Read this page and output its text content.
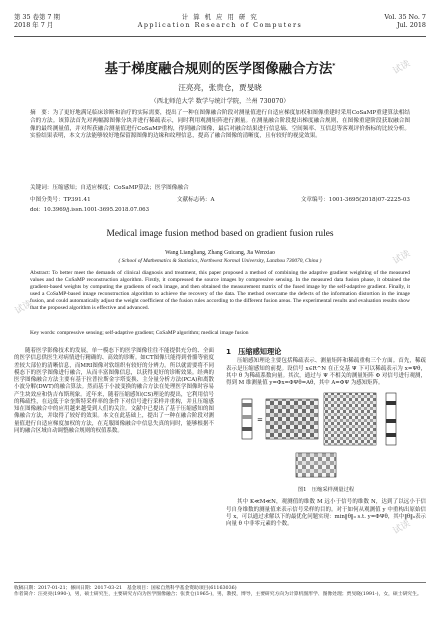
第 35 卷第 7 期
2018 年 7 月
计 算 机 应 用 研 究
Application Research of Computers
Vol. 35 No. 7
Jul. 2018
基于梯度融合规则的医学图像融合方法*
汪亮亮，张贵仓，贾旻晓
（西北师范大学 数学与统计学院，兰州 730070）
摘　要：为了更好地满足临床诊断和治疗的实际需要，提出了一种在图像融合阶段对测量值进行自适应梯度加权和图像重建时采用CoSaMP重建算法相结合的方法。该算法首先对两幅源图像分块并进行稀疏表示，同时利用观测矩阵进行测量。在测量融合阶段提出梯度融合规则，在图像重建阶段获取融合图像的最终测量值，并对所获融合测量值进行CoSaMP重构，得到融合图像，最后对融合结果进行信息熵、空间频率、互信息等客观评价指标的比较分析。实验结果表明，本文方法能够较好地保留源图像的边缘和纹理信息，提高了融合图像的清晰度，且有较好的视觉效果。
关键词：压缩感知；自适应梯度；CoSaMP算法；医学图像融合
中图分类号：TP391.41	文献标志码：A	文章编号：1001-3695(2018)07-2225-03
doi：10.3969/j.issn.1001-3695.2018.07.063
Medical image fusion method based on gradient fusion rules
Wang Liangliang, Zhang Guicang, Jia Wenxiao
( School of Mathematics & Statistics, Northwest Normal University, Lanzhou 730070, China )
Abstract: To better meet the demands of clinical diagnosis and treatment, this paper proposed a method of combining the adaptive gradient weighting of the measured values and the CoSaMP reconstruction algorithm. Firstly, it compressed the source images by compressive sensing. In the measured data fusion phase, it obtained the gradient-based weights by computing the gradients of each image, and then obtained the measurement matrix of the fused image by the self-adaptive gradient. Finally, it used a CoSaMP-based image reconstruction algorithm to achieve the recovery of the data. The method overcame the defects of the information distortion in the image fusion, and could automatically adjust the weight coefficient of the fusion rules according to the different fusion areas. The experimental results and evaluation results show that the proposed algorithm is effective and advanced.
Key words: compressive sensing; self-adaptive gradient; CoSaMP algorithm; medical image fusion

随着医学影像技术的发展，单一模态下的医学图像往往不能提供充分的、全面的医学信息供医生对病情进行精确的、高效的诊断。如CT图像只能得到骨骼等密度差较大部位的清晰信息，而MRI图像对软组织有较好的分辨力。所以就需要将不同模态下的医学图像进行融合，从而丰富图像信息，以获得更好的诊断效果。经典的医学图像融合方法主要有基于拉普拉斯金字塔变换、主分量分析方法(PCA)和离散小波分解(DWT)的融合算法。然而基于小波变换的融合方法在处理医学图像时容易产生块效应和伪吉布斯现象。近年来，随着压缩感知(CS)理论的提出，它利用信号的稀疏性，在远低于奈奎斯特采样率的条件下对信号进行采样并重构，并且压缩感知在图像融合中的应用越来越受到人们的关注。文献中已提出了基于压缩感知的图像融合方法，并取得了较好的效果。本文在此基础上，提出了一种在融合阶段对测量值进行自适应梯度加权的方法，在克服图像融合中信息失真的同时，能够根据不同的融合区域自动调整融合规则的权值系数。

1　压缩感知理论

压缩感知理论主要包括稀疏表示、测量矩阵和稀疏重构三个方面。首先，稀疏表示是压缩感知的前提。设信号 x∈R^N 在正交基 Ψ 下可以稀疏表示为 x=Ψθ，其中 θ 为稀疏系数向量。其次，通过与 Ψ 不相关的测量矩阵 Φ 对信号进行观测，得到 M 维测量值 y=Φx=ΦΨθ=Aθ，其中 A=ΦΨ 为感知矩阵。

=
图1　压缩采样测量过程

其中 K≪M≪N，观测值的维数 M 远小于信号的维数 N，达到了以远小于信号自身维数的测量值来表示信号采样的目的。对于如何从观测值 y 中重构出原始信号 x，可以通过求解以下的最优化问题实现：min‖θ‖₀ s.t. y=ΦΨθ，其中‖θ‖₀表示向量 θ 中非零元素的个数。

收稿日期：2017-01-21；修回日期：2017-03-21　基金项目：国家自然科学基金资助项目(61163036)
作者简介：汪亮亮(1990-)，男，硕士研究生，主要研究方向为医学图像融合；张贵仓(1965-)，男，教授，博导，主要研究方向为计算机图形学、图像处理；贾旻晓(1991-)，女，硕士研究生。
试读
试读
试读
试读
